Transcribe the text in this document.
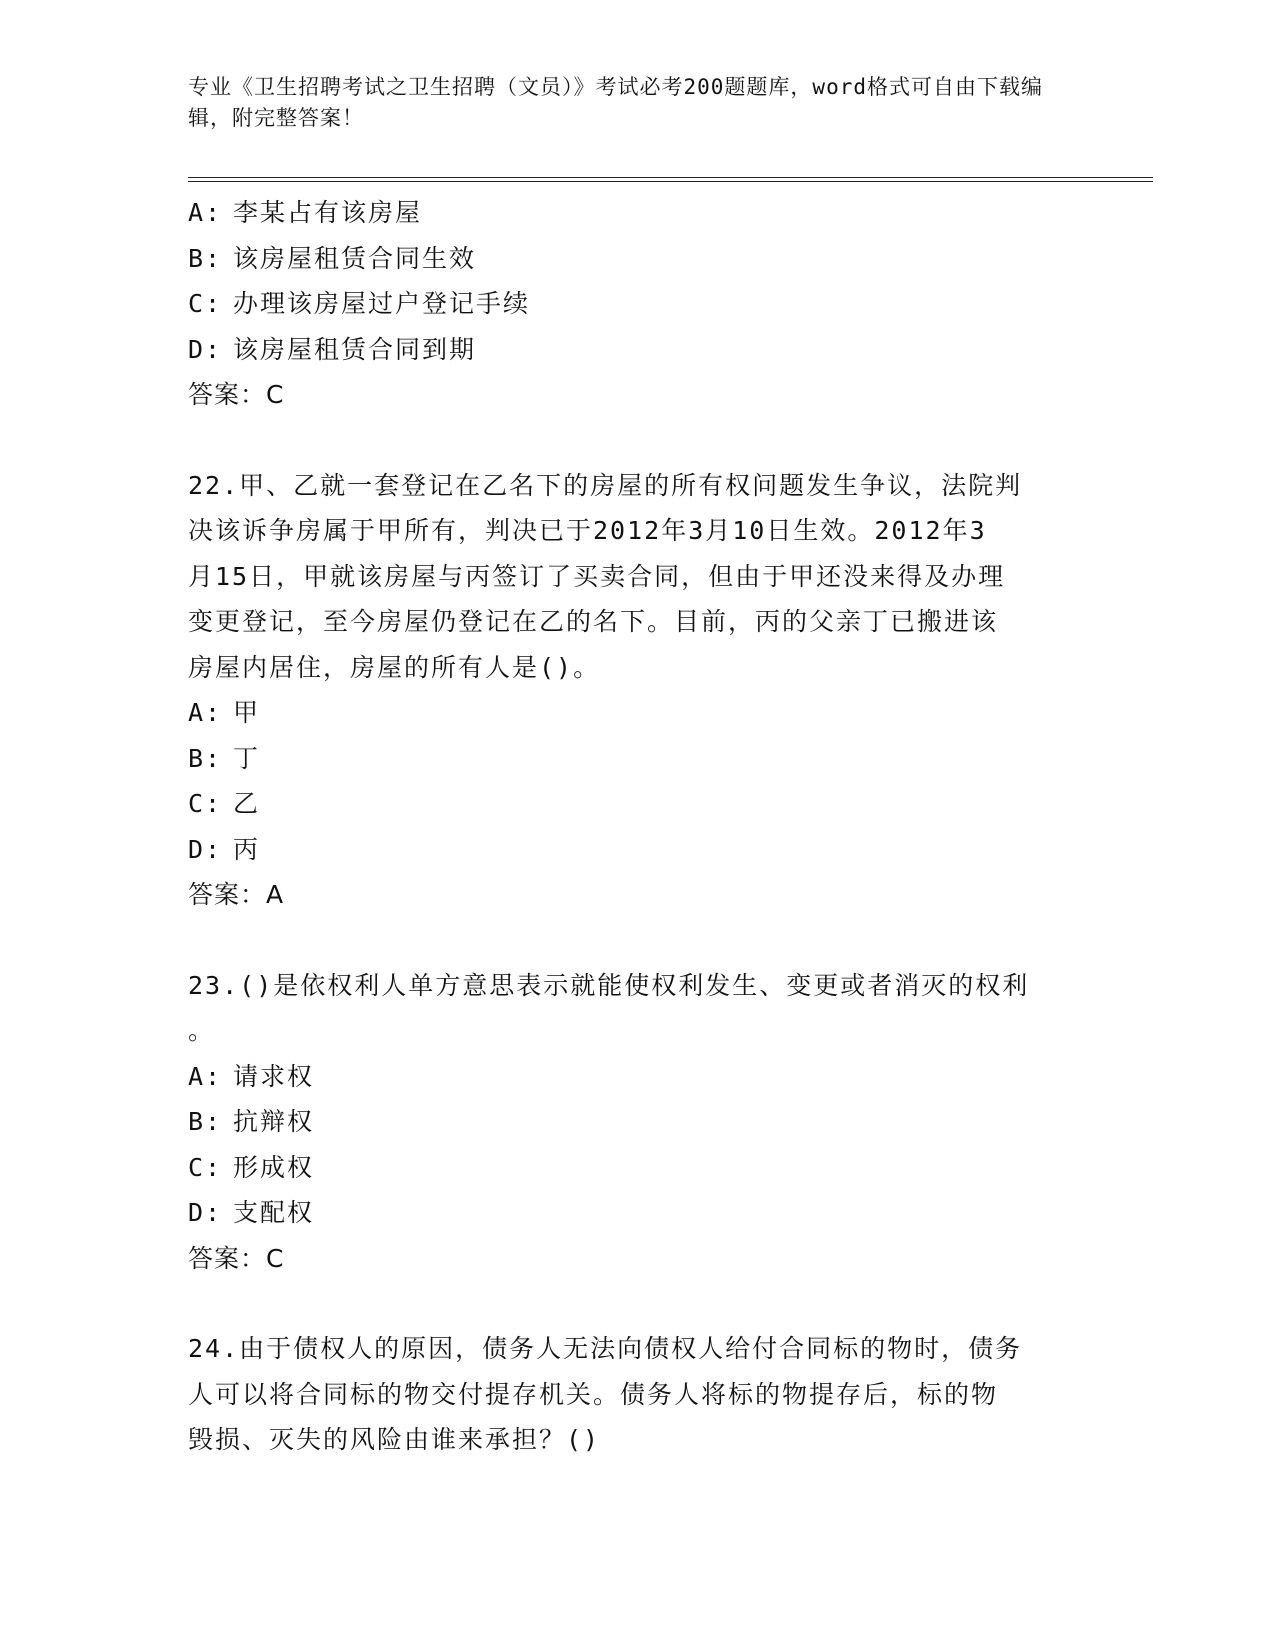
专业《卫生招聘考试之卫生招聘（文员）》考试必考200题题库，word格式可自由下载编辑，附完整答案！
A: 李某占有该房屋
B: 该房屋租赁合同生效
C: 办理该房屋过户登记手续
D: 该房屋租赁合同到期
答案：C
22.甲、乙就一套登记在乙名下的房屋的所有权问题发生争议，法院判
决该诉争房属于甲所有，判决已于2012年3月10日生效。2012年3
月15日，甲就该房屋与丙签订了买卖合同，但由于甲还没来得及办理
变更登记，至今房屋仍登记在乙的名下。目前，丙的父亲丁已搬进该
房屋内居住，房屋的所有人是()。
A: 甲
B: 丁
C: 乙
D: 丙
答案：A
23.()是依权利人单方意思表示就能使权利发生、变更或者消灭的权利
。
A: 请求权
B: 抗辩权
C: 形成权
D: 支配权
答案：C
24.由于债权人的原因，债务人无法向债权人给付合同标的物时，债务
人可以将合同标的物交付提存机关。债务人将标的物提存后，标的物
毁损、灭失的风险由谁来承担？()
